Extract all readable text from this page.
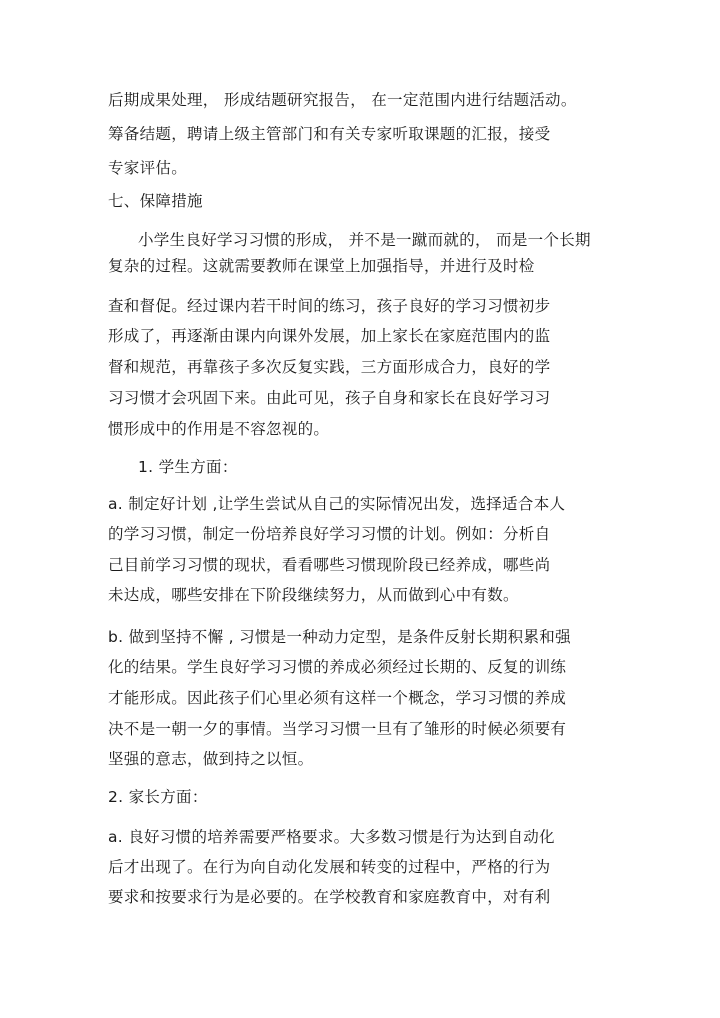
后期成果处理， 形成结题研究报告， 在一定范围内进行结题活动。
筹备结题，聘请上级主管部门和有关专家听取课题的汇报，接受
专家评估。
七、保障措施
小学生良好学习习惯的形成， 并不是一蹴而就的， 而是一个长期
复杂的过程。这就需要教师在课堂上加强指导，并进行及时检
查和督促。经过课内若干时间的练习，孩子良好的学习习惯初步
形成了，再逐渐由课内向课外发展，加上家长在家庭范围内的监
督和规范，再靠孩子多次反复实践，三方面形成合力，良好的学
习习惯才会巩固下来。由此可见，孩子自身和家长在良好学习习
惯形成中的作用是不容忽视的。
1. 学生方面：
a. 制定好计划 ,让学生尝试从自己的实际情况出发，选择适合本人
的学习习惯，制定一份培养良好学习习惯的计划。例如：分析自
己目前学习习惯的现状，看看哪些习惯现阶段已经养成，哪些尚
未达成，哪些安排在下阶段继续努力，从而做到心中有数。
b. 做到坚持不懈 , 习惯是一种动力定型，是条件反射长期积累和强
化的结果。学生良好学习习惯的养成必须经过长期的、反复的训练
才能形成。因此孩子们心里必须有这样一个概念，学习习惯的养成
决不是一朝一夕的事情。当学习习惯一旦有了雏形的时候必须要有
坚强的意志，做到持之以恒。
2. 家长方面：
a. 良好习惯的培养需要严格要求。大多数习惯是行为达到自动化
后才出现了。在行为向自动化发展和转变的过程中，严格的行为
要求和按要求行为是必要的。在学校教育和家庭教育中，对有利
